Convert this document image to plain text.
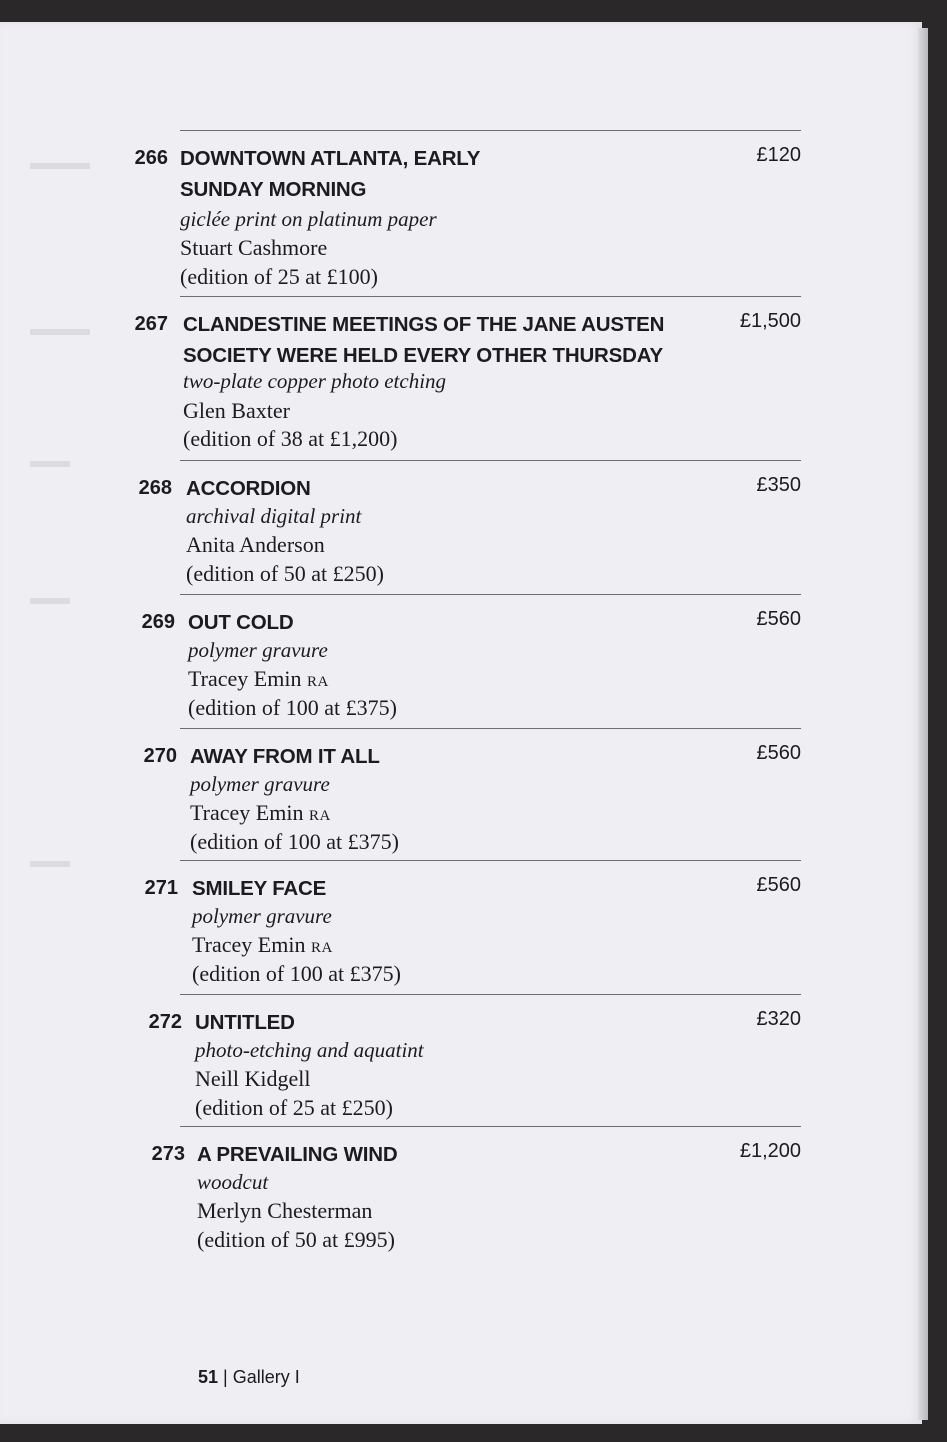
▬▬▬
▬▬▬
▬▬
▬▬
▬▬
266 DOWNTOWN ATLANTA, EARLY
SUNDAY MORNING
£120
giclée print on platinum paper
Stuart Cashmore
(edition of 25 at £100)
267 CLANDESTINE MEETINGS OF THE JANE AUSTEN
SOCIETY WERE HELD EVERY OTHER THURSDAY
£1,500
two-plate copper photo etching
Glen Baxter
(edition of 38 at £1,200)
268 ACCORDION	£350
archival digital print
Anita Anderson
(edition of 50 at £250)
269 OUT COLD	£560
polymer gravure
Tracey Emin RA
(edition of 100 at £375)
270 AWAY FROM IT ALL	£560
polymer gravure
Tracey Emin RA
(edition of 100 at £375)
271 SMILEY FACE	£560
polymer gravure
Tracey Emin RA
(edition of 100 at £375)
272 UNTITLED	£320
photo-etching and aquatint
Neill Kidgell
(edition of 25 at £250)
273 A PREVAILING WIND	£1,200
woodcut
Merlyn Chesterman
(edition of 50 at £995)
51 | Gallery I
